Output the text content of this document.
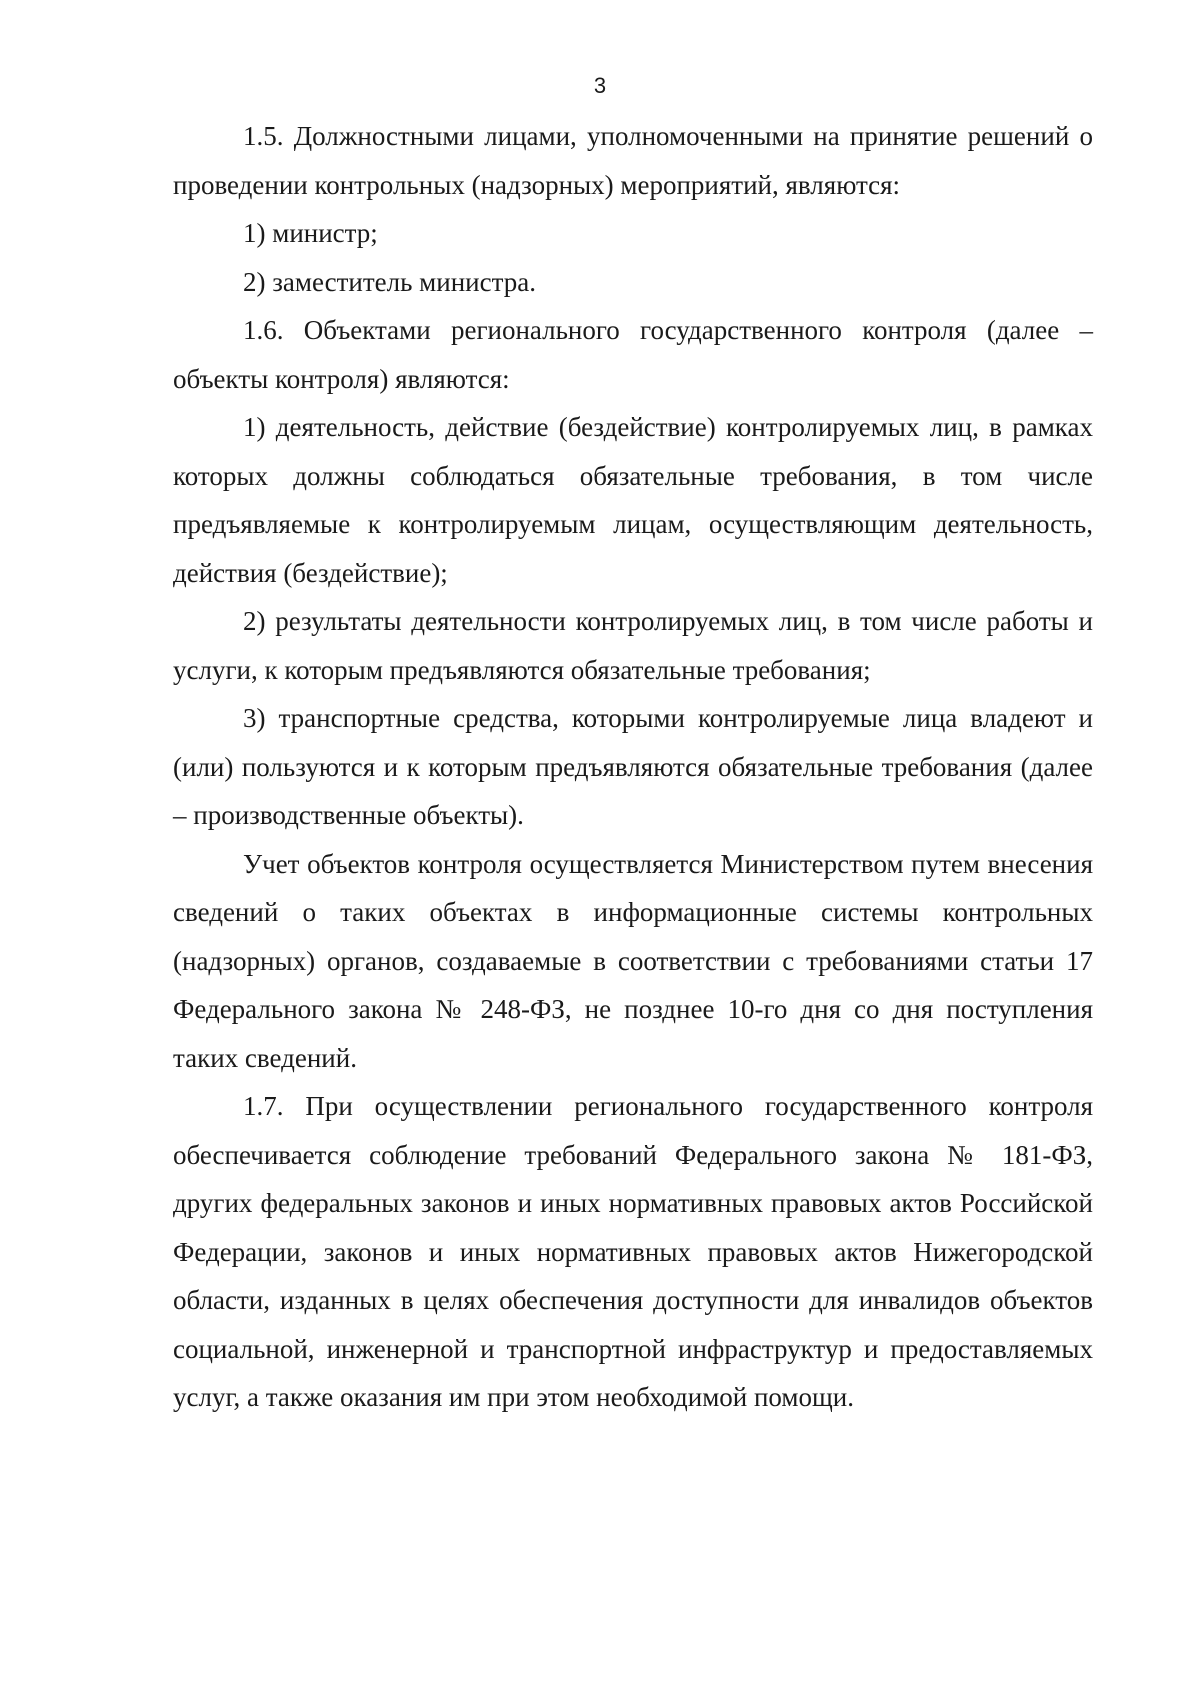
3

1.5. Должностными лицами, уполномоченными на принятие решений о проведении контрольных (надзорных) мероприятий, являются:

1) министр;

2) заместитель министра.

1.6. Объектами регионального государственного контроля (далее – объекты контроля) являются:

1) деятельность, действие (бездействие) контролируемых лиц, в рамках которых должны соблюдаться обязательные требования, в том числе предъявляемые к контролируемым лицам, осуществляющим деятельность, действия (бездействие);

2) результаты деятельности контролируемых лиц, в том числе работы и услуги, к которым предъявляются обязательные требования;

3) транспортные средства, которыми контролируемые лица владеют и (или) пользуются и к которым предъявляются обязательные требования (далее – производственные объекты).

Учет объектов контроля осуществляется Министерством путем внесения сведений о таких объектах в информационные системы контрольных (надзорных) органов, создаваемые в соответствии с требованиями статьи 17 Федерального закона № 248-ФЗ, не позднее 10-го дня со дня поступления таких сведений.

1.7. При осуществлении регионального государственного контроля обеспечивается соблюдение требований Федерального закона № 181-ФЗ, других федеральных законов и иных нормативных правовых актов Российской Федерации, законов и иных нормативных правовых актов Нижегородской области, изданных в целях обеспечения доступности для инвалидов объектов социальной, инженерной и транспортной инфраструктур и предоставляемых услуг, а также оказания им при этом необходимой помощи.
